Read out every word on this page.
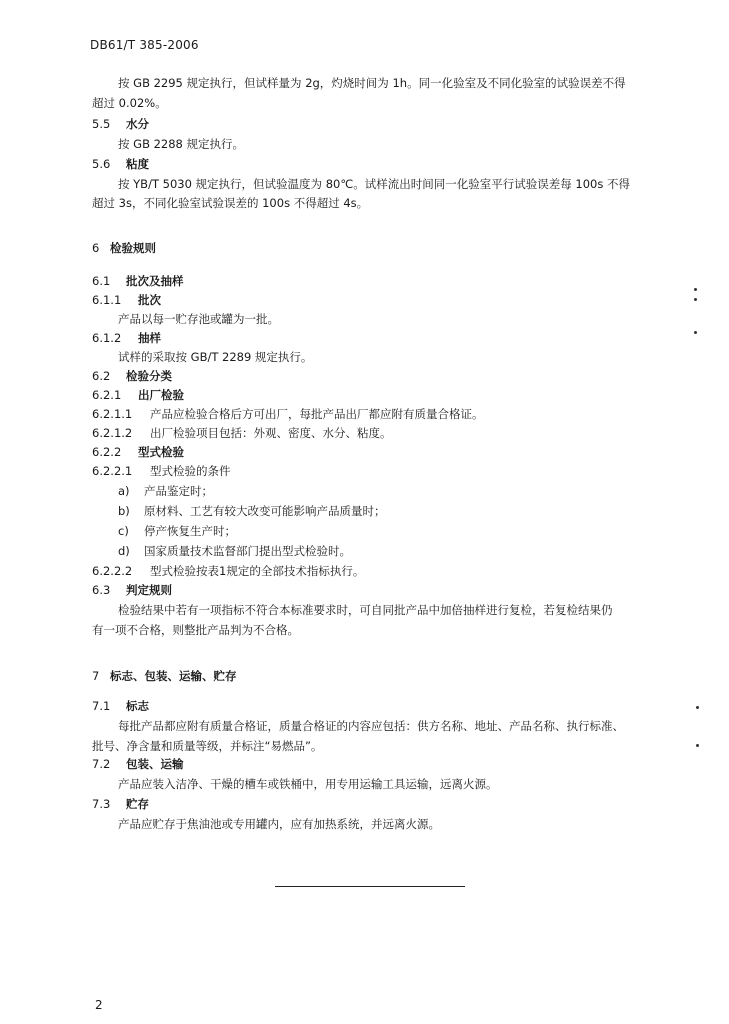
DB61/T 385-2006
按 GB 2295 规定执行，但试样量为 2g，灼烧时间为 1h。同一化验室及不同化验室的试验误差不得
超过 0.02%。
5.5 水分
按 GB 2288 规定执行。
5.6 粘度
按 YB/T 5030 规定执行，但试验温度为 80℃。试样流出时间同一化验室平行试验误差每 100s 不得
超过 3s，不同化验室试验误差的 100s 不得超过 4s。
6 检验规则
6.1 批次及抽样
6.1.1 批次
产品以每一贮存池或罐为一批。
6.1.2 抽样
试样的采取按 GB/T 2289 规定执行。
6.2 检验分类
6.2.1 出厂检验
6.2.1.1 产品应检验合格后方可出厂，每批产品出厂都应附有质量合格证。
6.2.1.2 出厂检验项目包括：外观、密度、水分、粘度。
6.2.2 型式检验
6.2.2.1 型式检验的条件
a) 产品鉴定时；
b) 原材料、工艺有较大改变可能影响产品质量时；
c) 停产恢复生产时；
d) 国家质量技术监督部门提出型式检验时。
6.2.2.2 型式检验按表1规定的全部技术指标执行。
6.3 判定规则
检验结果中若有一项指标不符合本标准要求时，可自同批产品中加倍抽样进行复检，若复检结果仍
有一项不合格，则整批产品判为不合格。
7 标志、包装、运输、贮存
7.1 标志
每批产品都应附有质量合格证，质量合格证的内容应包括：供方名称、地址、产品名称、执行标准、
批号、净含量和质量等级，并标注“易燃品”。
7.2 包装、运输
产品应装入洁净、干燥的槽车或铁桶中，用专用运输工具运输，远离火源。
7.3 贮存
产品应贮存于焦油池或专用罐内，应有加热系统，并远离火源。
2
